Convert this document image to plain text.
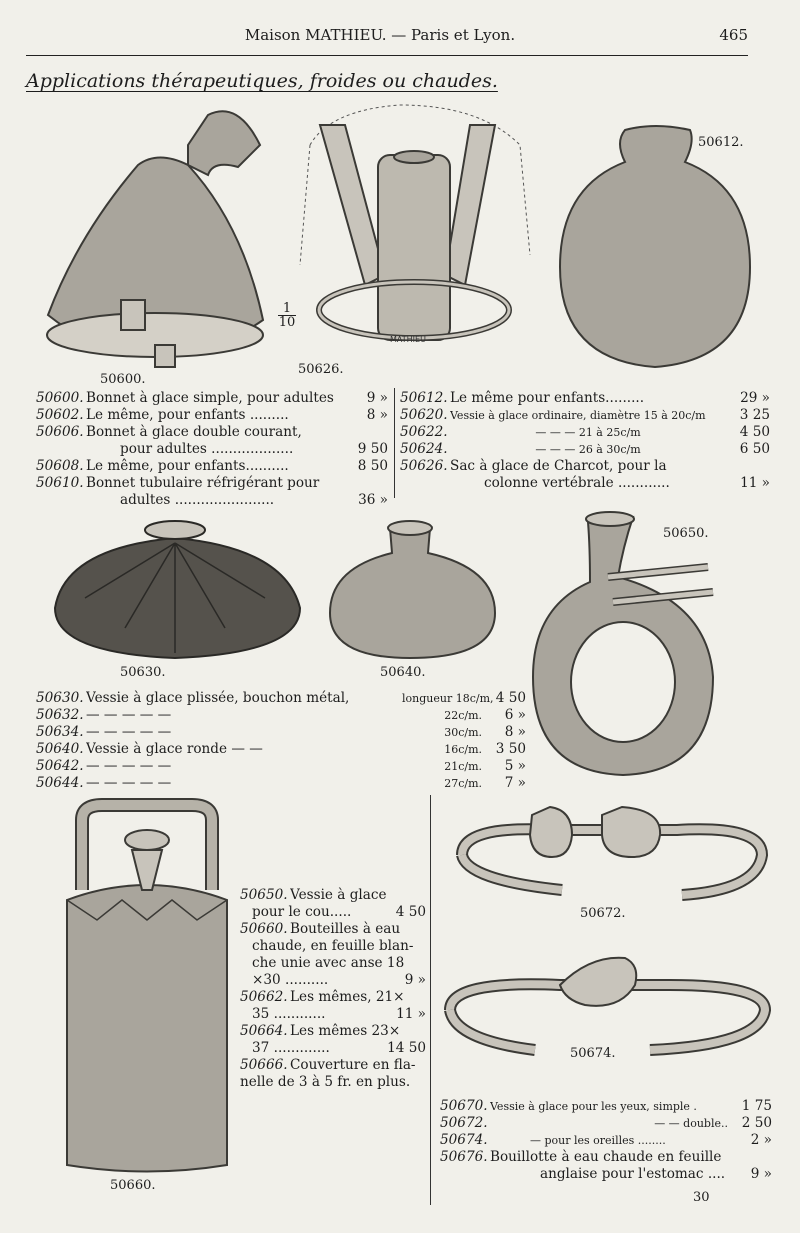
Maison MATHIEU. — Paris et Lyon.	465
Applications thérapeutiques, froides ou chaudes.
MATHIEU
50600.
50626.
$\frac{1}{10}$
50612.
50600. Bonnet à glace simple, pour adultes	9 »
50602. Le même, pour enfants .........	8 »
50606. Bonnet à glace double courant,
pour adultes ...................	9 50
50608. Le même, pour enfants..........	8 50
50610. Bonnet tubulaire réfrigérant pour
adultes .......................	36 »
50612. Le même pour enfants.........	29 »
50620. Vessie à glace ordinaire, diamètre 15 à 20c/m	3 25
50622.	— — — 21 à 25c/m	4 50
50624.	— — — 26 à 30c/m	6 50
50626. Sac à glace de Charcot, pour la
colonne vertébrale ............	11 »
50630.	50640.
50650.
50630. Vessie à glace plissée, bouchon métal,	longueur 18c/m, 4 50
50632. — — — — —	22c/m.	6 »
50634. — — — — —	30c/m.	8 »
50640. Vessie à glace ronde — —	16c/m.	3 50
50642. — — — — —	21c/m.	5 »
50644. — — — — —	27c/m.	7 »
50660.
50650. Vessie à glace
pour le cou.....	4 50
50660. Bouteilles à eau
chaude, en feuille blan-
che unie avec anse 18
×30 ..........	9 »
50662. Les mêmes, 21×
35 ............	11 »
50664. Les mêmes 23×
37 .............	14 50
50666. Couverture en fla-
nelle de 3 à 5 fr. en plus.
50672.
50674.
50670. Vessie à glace pour les yeux, simple .	1 75
50672.	— — double..	2 50
50674.	— pour les oreilles ........	2 »
50676. Bouillotte à eau chaude en feuille
anglaise pour l'estomac ....	9 »
30
